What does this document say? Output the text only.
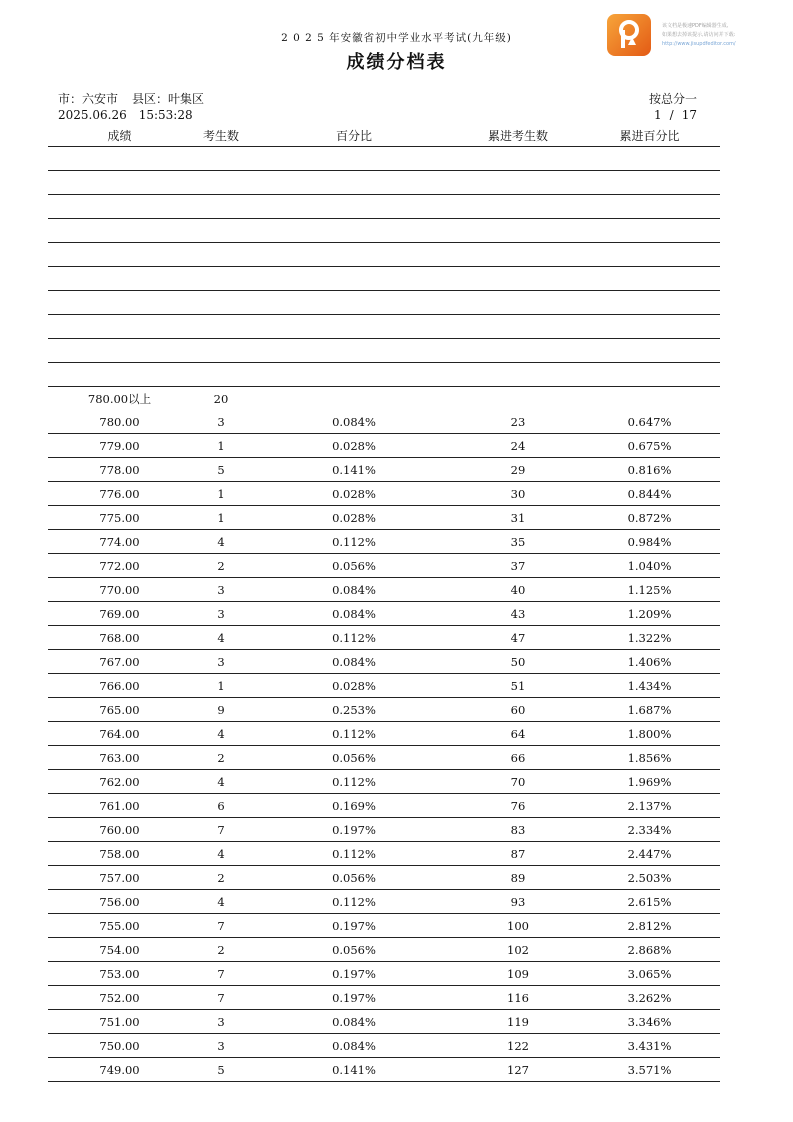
2 0 2 5 年安徽省初中学业水平考试(九年级)
成绩分档表
该文档是极速PDF编辑器生成,
如果想去掉该提示,请访问并下载:
http://www.jisupdfeditor.com/
市：六安市 县区：叶集区
2025.06.26　15:53:28
按总分一
1 / 17
成绩	考生数	百分比	累进考生数	累进百分比
780.00以上	20
780.00	3	0.084%	23	0.647%
779.00	1	0.028%	24	0.675%
778.00	5	0.141%	29	0.816%
776.00	1	0.028%	30	0.844%
775.00	1	0.028%	31	0.872%
774.00	4	0.112%	35	0.984%
772.00	2	0.056%	37	1.040%
770.00	3	0.084%	40	1.125%
769.00	3	0.084%	43	1.209%
768.00	4	0.112%	47	1.322%
767.00	3	0.084%	50	1.406%
766.00	1	0.028%	51	1.434%
765.00	9	0.253%	60	1.687%
764.00	4	0.112%	64	1.800%
763.00	2	0.056%	66	1.856%
762.00	4	0.112%	70	1.969%
761.00	6	0.169%	76	2.137%
760.00	7	0.197%	83	2.334%
758.00	4	0.112%	87	2.447%
757.00	2	0.056%	89	2.503%
756.00	4	0.112%	93	2.615%
755.00	7	0.197%	100	2.812%
754.00	2	0.056%	102	2.868%
753.00	7	0.197%	109	3.065%
752.00	7	0.197%	116	3.262%
751.00	3	0.084%	119	3.346%
750.00	3	0.084%	122	3.431%
749.00	5	0.141%	127	3.571%
